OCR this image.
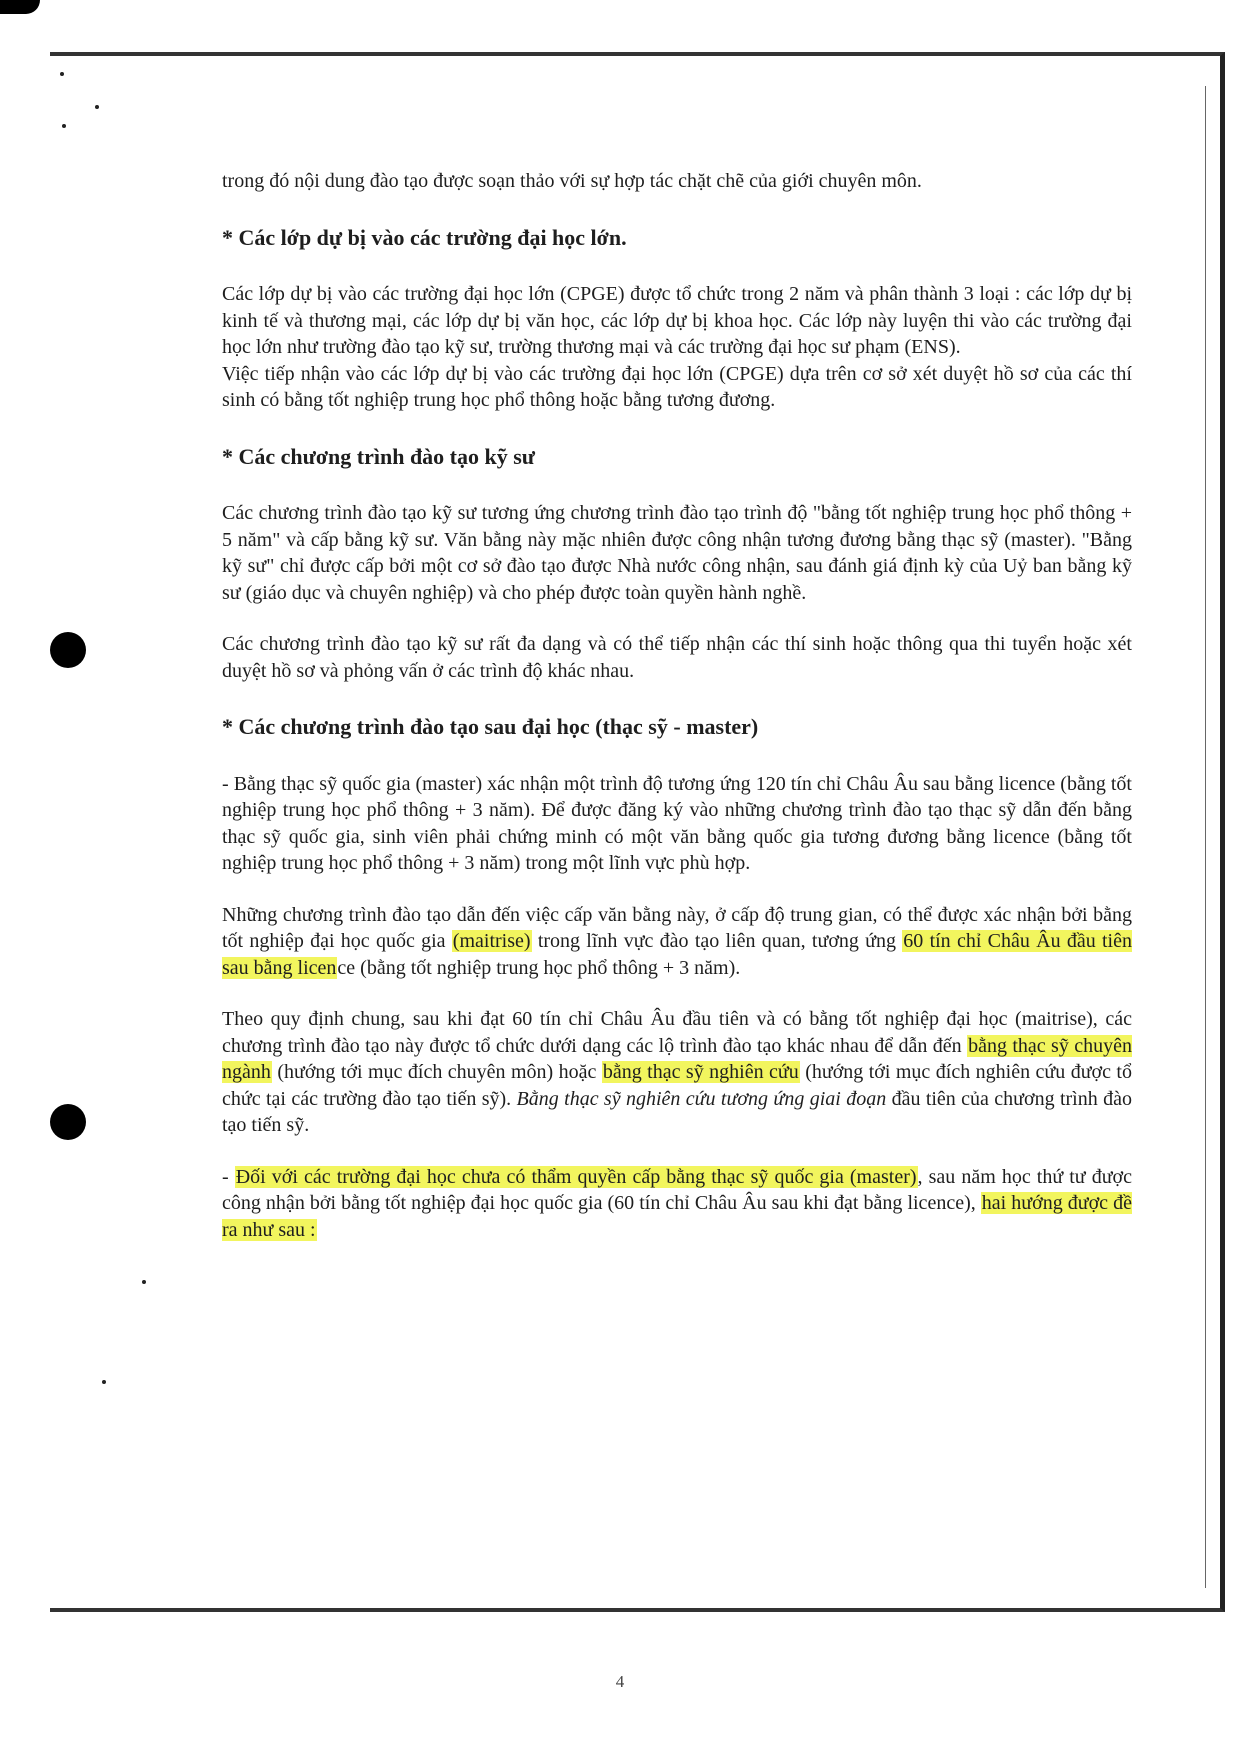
trong đó nội dung đào tạo được soạn thảo với sự hợp tác chặt chẽ của giới chuyên môn.

* Các lớp dự bị vào các trường đại học lớn.

Các lớp dự bị vào các trường đại học lớn (CPGE) được tổ chức trong 2 năm và phân thành 3 loại : các lớp dự bị kinh tế và thương mại, các lớp dự bị văn học, các lớp dự bị khoa học. Các lớp này luyện thi vào các trường đại học lớn như trường đào tạo kỹ sư, trường thương mại và các trường đại học sư phạm (ENS).

Việc tiếp nhận vào các lớp dự bị vào các trường đại học lớn (CPGE) dựa trên cơ sở xét duyệt hồ sơ của các thí sinh có bằng tốt nghiệp trung học phổ thông hoặc bằng tương đương.

* Các chương trình đào tạo kỹ sư

Các chương trình đào tạo kỹ sư tương ứng chương trình đào tạo trình độ "bằng tốt nghiệp trung học phổ thông + 5 năm" và cấp bằng kỹ sư. Văn bằng này mặc nhiên được công nhận tương đương bằng thạc sỹ (master). "Bằng kỹ sư" chỉ được cấp bởi một cơ sở đào tạo được Nhà nước công nhận, sau đánh giá định kỳ của Uỷ ban bằng kỹ sư (giáo dục và chuyên nghiệp) và cho phép được toàn quyền hành nghề.

Các chương trình đào tạo kỹ sư rất đa dạng và có thể tiếp nhận các thí sinh hoặc thông qua thi tuyển hoặc xét duyệt hồ sơ và phỏng vấn ở các trình độ khác nhau.

* Các chương trình đào tạo sau đại học (thạc sỹ - master)

- Bằng thạc sỹ quốc gia (master) xác nhận một trình độ tương ứng 120 tín chỉ Châu Âu sau bằng licence (bằng tốt nghiệp trung học phổ thông + 3 năm). Để được đăng ký vào những chương trình đào tạo thạc sỹ dẫn đến bằng thạc sỹ quốc gia, sinh viên phải chứng minh có một văn bằng quốc gia tương đương bằng licence (bằng tốt nghiệp trung học phổ thông + 3 năm) trong một lĩnh vực phù hợp.

Những chương trình đào tạo dẫn đến việc cấp văn bằng này, ở cấp độ trung gian, có thể được xác nhận bởi bằng tốt nghiệp đại học quốc gia (maitrise) trong lĩnh vực đào tạo liên quan, tương ứng 60 tín chỉ Châu Âu đầu tiên sau bằng licence (bằng tốt nghiệp trung học phổ thông + 3 năm).

Theo quy định chung, sau khi đạt 60 tín chỉ Châu Âu đầu tiên và có bằng tốt nghiệp đại học (maitrise), các chương trình đào tạo này được tổ chức dưới dạng các lộ trình đào tạo khác nhau để dẫn đến bằng thạc sỹ chuyên ngành (hướng tới mục đích chuyên môn) hoặc bằng thạc sỹ nghiên cứu (hướng tới mục đích nghiên cứu được tổ chức tại các trường đào tạo tiến sỹ). Bằng thạc sỹ nghiên cứu tương ứng giai đoạn đầu tiên của chương trình đào tạo tiến sỹ.

- Đối với các trường đại học chưa có thẩm quyền cấp bằng thạc sỹ quốc gia (master), sau năm học thứ tư được công nhận bởi bằng tốt nghiệp đại học quốc gia (60 tín chỉ Châu Âu sau khi đạt bằng licence), hai hướng được đề ra như sau :

4
